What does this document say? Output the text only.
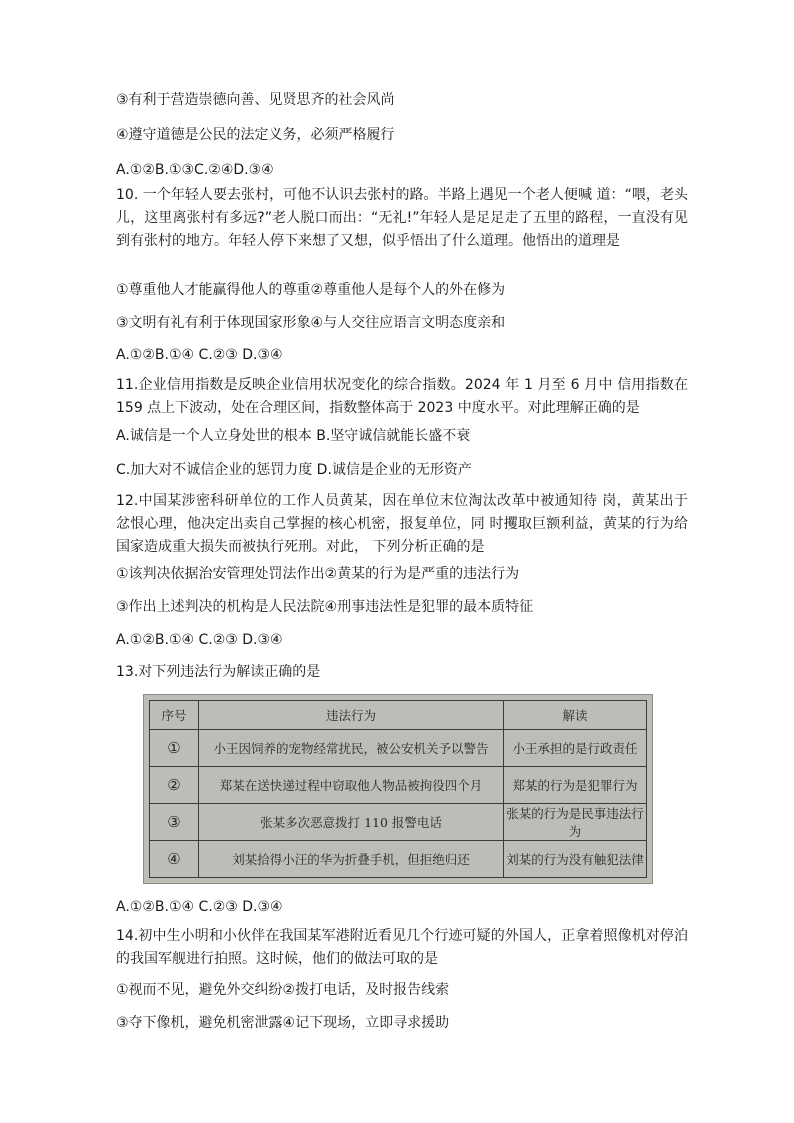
③有利于营造崇德向善、见贤思齐的社会风尚
④遵守道德是公民的法定义务，必须严格履行
A.①②B.①③C.②④D.③④
10. 一个年轻人要去张村，可他不认识去张村的路。半路上遇见一个老人便喊 道：“喂，老头儿，这里离张村有多远?”老人脱口而出：“无礼!”年轻人是足足走了五里的路程，一直没有见到有张村的地方。年轻人停下来想了又想，似乎悟出了什么道理。他悟出的道理是
①尊重他人才能赢得他人的尊重②尊重他人是每个人的外在修为
③文明有礼有利于体现国家形象④与人交往应语言文明态度亲和
A.①②B.①④ C.②③ D.③④
11.企业信用指数是反映企业信用状况变化的综合指数。2024 年 1 月至 6 月中 信用指数在 159 点上下波动，处在合理区间，指数整体高于 2023 中度水平。对此理解正确的是
A.诚信是一个人立身处世的根本 B.坚守诚信就能长盛不衰
C.加大对不诚信企业的惩罚力度 D.诚信是企业的无形资产
12.中国某涉密科研单位的工作人员黄某，因在单位末位淘汰改革中被通知待 岗，黄某出于忿恨心理，他决定出卖自己掌握的核心机密，报复单位，同 时攫取巨额利益，黄某的行为给国家造成重大损失而被执行死刑。对此， 下列分析正确的是
①该判决依据治安管理处罚法作出②黄某的行为是严重的违法行为
③作出上述判决的机构是人民法院④刑事违法性是犯罪的最本质特征
A.①②B.①④ C.②③ D.③④
13.对下列违法行为解读正确的是
A.①②B.①④ C.②③ D.③④
14.初中生小明和小伙伴在我国某军港附近看见几个行迹可疑的外国人，正拿着照像机对停泊的我国军舰进行拍照。这时候，他们的做法可取的是
①视而不见，避免外交纠纷②拨打电话，及时报告线索
③夺下像机，避免机密泄露④记下现场，立即寻求援助
序号	违法行为	解读
①	小王因饲养的宠物经常扰民，被公安机关予以警告	小王承担的是行政责任
②	郑某在送快递过程中窃取他人物品被拘役四个月	郑某的行为是犯罪行为
③	张某多次恶意拨打 110 报警电话	张某的行为是民事违法行为
④	刘某拾得小汪的华为折叠手机，但拒绝归还	刘某的行为没有触犯法律
